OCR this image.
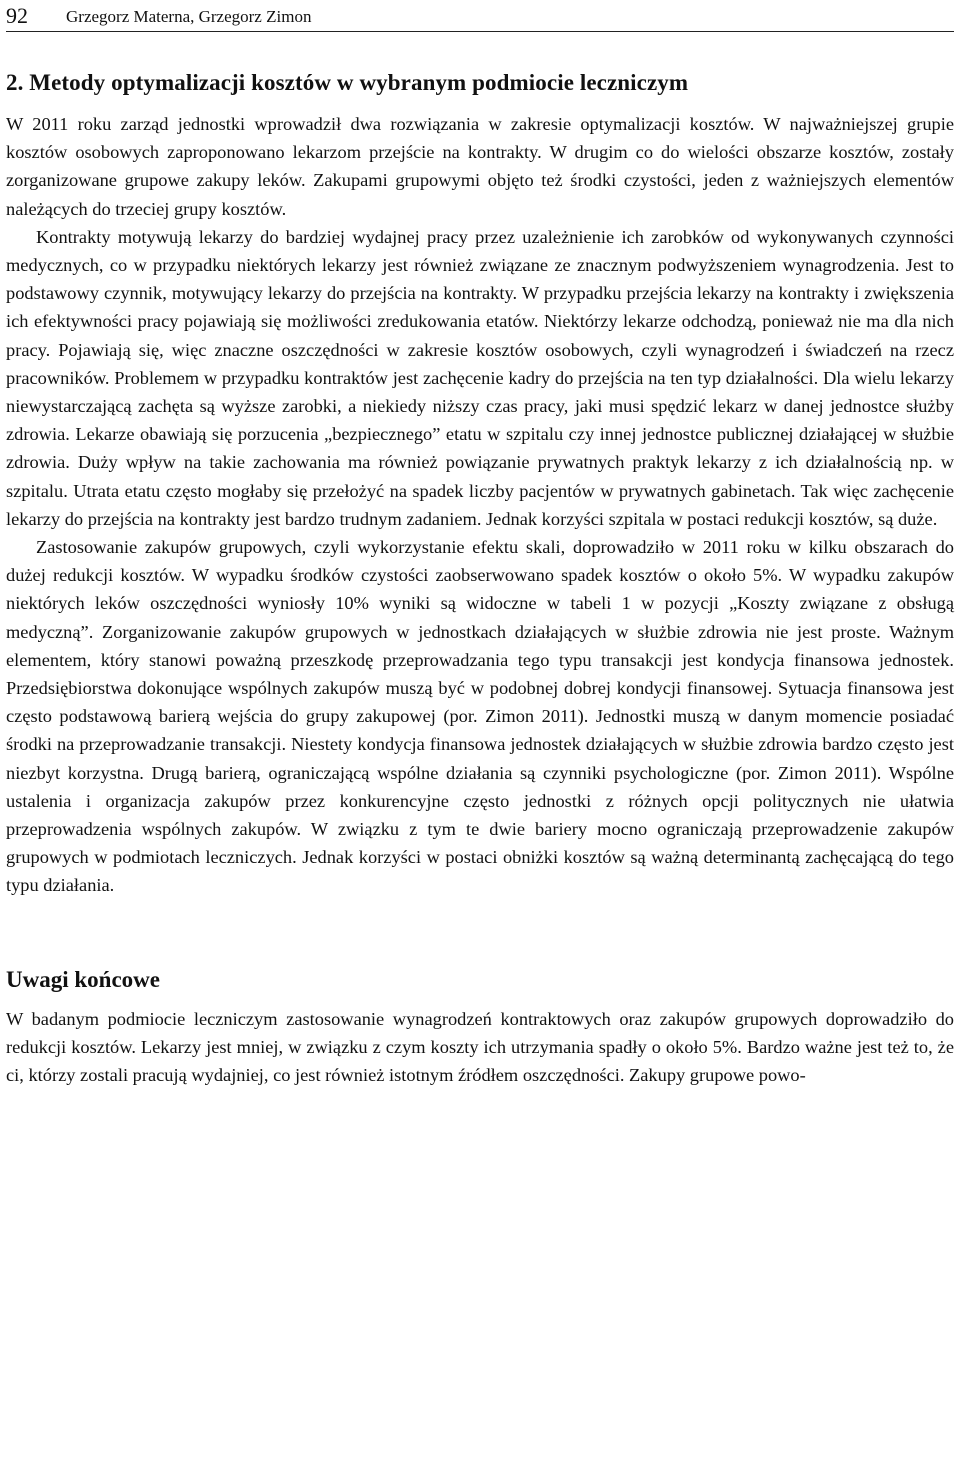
92	Grzegorz Materna, Grzegorz Zimon
2. Metody optymalizacji kosztów w wybranym podmiocie leczniczym

W 2011 roku zarząd jednostki wprowadził dwa rozwiązania w zakresie optymalizacji kosztów. W najważniejszej grupie kosztów osobowych zaproponowano lekarzom przejście na kontrakty. W drugim co do wielości obszarze kosztów, zostały zorganizowane grupowe zakupy leków. Zakupami grupowymi objęto też środki czystości, jeden z ważniejszych elementów należących do trzeciej grupy kosztów.

Kontrakty motywują lekarzy do bardziej wydajnej pracy przez uzależnienie ich zarobków od wykonywanych czynności medycznych, co w przypadku niektórych lekarzy jest również związane ze znacznym podwyższeniem wynagrodzenia. Jest to podstawowy czynnik, motywujący lekarzy do przejścia na kontrakty. W przypadku przejścia lekarzy na kontrakty i zwiększenia ich efektywności pracy pojawiają się możliwości zredukowania etatów. Niektórzy lekarze odchodzą, ponieważ nie ma dla nich pracy. Pojawiają się, więc znaczne oszczędności w zakresie kosztów osobowych, czyli wynagrodzeń i świadczeń na rzecz pracowników. Problemem w przypadku kontraktów jest zachęcenie kadry do przejścia na ten typ działalności. Dla wielu lekarzy niewystarczającą zachęta są wyższe zarobki, a niekiedy niższy czas pracy, jaki musi spędzić lekarz w danej jednostce służby zdrowia. Lekarze obawiają się porzucenia „bezpiecznego” etatu w szpitalu czy innej jednostce publicznej działającej w służbie zdrowia. Duży wpływ na takie zachowania ma również powiązanie prywatnych praktyk lekarzy z ich działalnością np. w szpitalu. Utrata etatu często mogłaby się przełożyć na spadek liczby pacjentów w prywatnych gabinetach. Tak więc zachęcenie lekarzy do przejścia na kontrakty jest bardzo trudnym zadaniem. Jednak korzyści szpitala w postaci redukcji kosztów, są duże.

Zastosowanie zakupów grupowych, czyli wykorzystanie efektu skali, doprowadziło w 2011 roku w kilku obszarach do dużej redukcji kosztów. W wypadku środków czystości zaobserwowano spadek kosztów o około 5%. W wypadku zakupów niektórych leków oszczędności wyniosły 10% wyniki są widoczne w tabeli 1 w pozycji „Koszty związane z obsługą medyczną”. Zorganizowanie zakupów grupowych w jednostkach działających w służbie zdrowia nie jest proste. Ważnym elementem, który stanowi poważną przeszkodę przeprowadzania tego typu transakcji jest kondycja finansowa jednostek. Przedsiębiorstwa dokonujące wspólnych zakupów muszą być w podobnej dobrej kondycji finansowej. Sytuacja finansowa jest często podstawową barierą wejścia do grupy zakupowej (por. Zimon 2011). Jednostki muszą w danym momencie posiadać środki na przeprowadzanie transakcji. Niestety kondycja finansowa jednostek działających w służbie zdrowia bardzo często jest niezbyt korzystna. Drugą barierą, ograniczającą wspólne działania są czynniki psychologiczne (por. Zimon 2011). Wspólne ustalenia i organizacja zakupów przez konkurencyjne często jednostki z różnych opcji politycznych nie ułatwia przeprowadzenia wspólnych zakupów. W związku z tym te dwie bariery mocno ograniczają przeprowadzenie zakupów grupowych w podmiotach leczniczych. Jednak korzyści w postaci obniżki kosztów są ważną determinantą zachęcającą do tego typu działania.

Uwagi końcowe

W badanym podmiocie leczniczym zastosowanie wynagrodzeń kontraktowych oraz zakupów grupowych doprowadziło do redukcji kosztów. Lekarzy jest mniej, w związku z czym koszty ich utrzymania spadły o około 5%. Bardzo ważne jest też to, że ci, którzy zostali pracują wydajniej, co jest również istotnym źródłem oszczędności. Zakupy grupowe powo-
